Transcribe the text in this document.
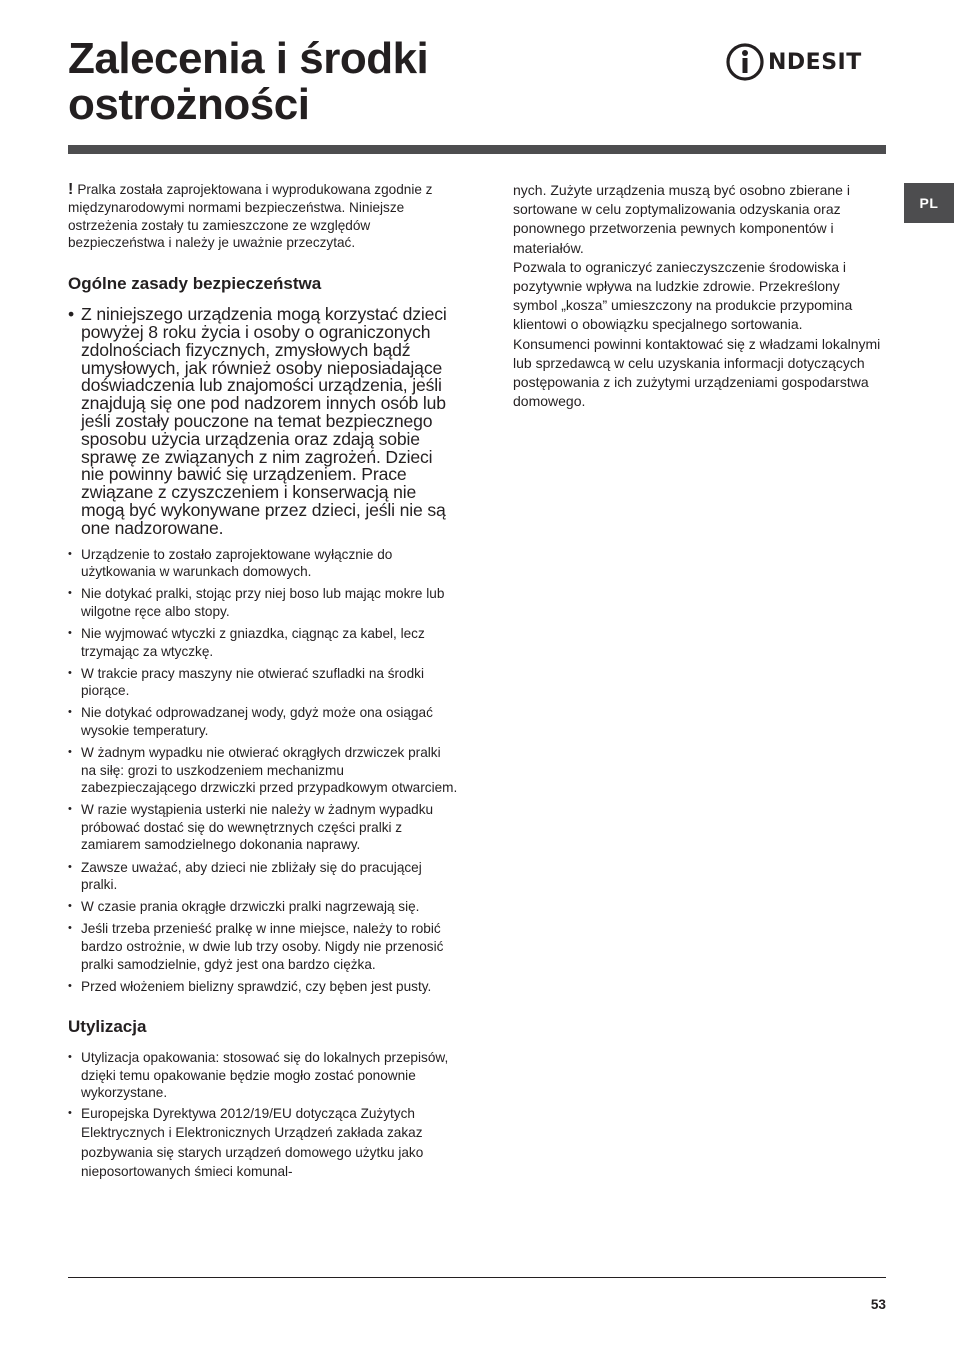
Zalecenia i środki
ostrożności
NDESIT
PL

! Pralka została zaprojektowana i wyprodukowana zgodnie z międzynarodowymi normami bezpieczeństwa. Niniejsze ostrzeżenia zostały tu zamieszczone ze względów bezpieczeństwa i należy je uważnie przeczytać.

Ogólne zasady bezpieczeństwa
• Z niniejszego urządzenia mogą korzystać dzieci powyżej 8 roku życia i osoby o ograniczonych zdolnościach fizycznych, zmysłowych bądź umysłowych, jak również osoby nieposiadające doświadczenia lub znajomości urządzenia, jeśli znajdują się one pod nadzorem innych osób lub jeśli zostały pouczone na temat bezpiecznego sposobu użycia urządzenia oraz zdają sobie sprawę ze związanych z nim zagrożeń. Dzieci nie powinny bawić się urządzeniem. Prace związane z czyszczeniem i konserwacją nie mogą być wykonywane przez dzieci, jeśli nie są one nadzorowane.
• Urządzenie to zostało zaprojektowane wyłącznie do użytkowania w warunkach domowych.
• Nie dotykać pralki, stojąc przy niej boso lub mając mokre lub wilgotne ręce albo stopy.
• Nie wyjmować wtyczki z gniazdka, ciągnąc za kabel, lecz trzymając za wtyczkę.
• W trakcie pracy maszyny nie otwierać szufladki na środki piorące.
• Nie dotykać odprowadzanej wody, gdyż może ona osiągać wysokie temperatury.
• W żadnym wypadku nie otwierać okrągłych drzwiczek pralki na siłę: grozi to uszkodzeniem mechanizmu zabezpieczającego drzwiczki przed przypadkowym otwarciem.
• W razie wystąpienia usterki nie należy w żadnym wypadku próbować dostać się do wewnętrznych części pralki z zamiarem samodzielnego dokonania naprawy.
• Zawsze uważać, aby dzieci nie zbliżały się do pracującej pralki.
• W czasie prania okrągłe drzwiczki pralki nagrzewają się.
• Jeśli trzeba przenieść pralkę w inne miejsce, należy to robić bardzo ostrożnie, w dwie lub trzy osoby. Nigdy nie przenosić pralki samodzielnie, gdyż jest ona bardzo ciężka.
• Przed włożeniem bielizny sprawdzić, czy bęben jest pusty.
Utylizacja
• Utylizacja opakowania: stosować się do lokalnych przepisów, dzięki temu opakowanie będzie mogło zostać ponownie wykorzystane.
• Europejska Dyrektywa 2012/19/EU dotycząca Zużytych Elektrycznych i Elektronicznych Urządzeń zakłada zakaz pozbywania się starych urządzeń domowego użytku jako nieposortowanych śmieci komunal-

nych. Zużyte urządzenia muszą być osobno zbierane i sortowane w celu zoptymalizowania odzyskania oraz ponownego przetworzenia pewnych komponentów i materiałów.

Pozwala to ograniczyć zanieczyszczenie środowiska i pozytywnie wpływa na ludzkie zdrowie. Przekreślony symbol „kosza” umieszczony na produkcie przypomina klientowi o obowiązku specjalnego sortowania.

Konsumenci powinni kontaktować się z władzami lokalnymi lub sprzedawcą w celu uzyskania informacji dotyczących postępowania z ich zużytymi urządzeniami gospodarstwa domowego.

53
